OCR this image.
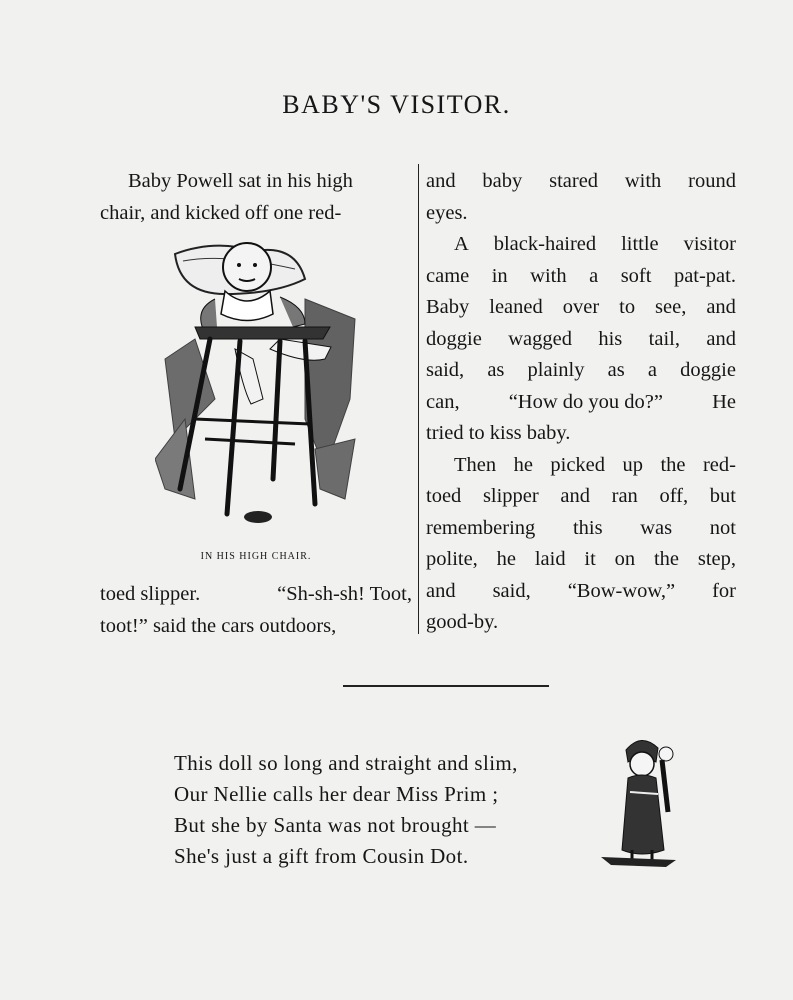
BABY'S VISITOR.
Baby Powell sat in his high
chair, and kicked off one red-
IN HIS HIGH CHAIR.
toed slipper.	“Sh-sh-sh! Toot,
toot!” said the cars outdoors,
and baby stared with round
eyes.
A black-haired little visitor
came in with a soft pat-pat.
Baby leaned over to see, and
doggie wagged his tail, and
said, as plainly as a doggie
can, “How do you do?” He
tried to kiss baby.
Then he picked up the red-
toed slipper and ran off, but
remembering this was not
polite, he laid it on the step,
and said, “Bow-wow,” for
good-by.
This doll so long and straight and slim,
Our Nellie calls her dear Miss Prim ;
But she by Santa was not brought —
She's just a gift from Cousin Dot.
